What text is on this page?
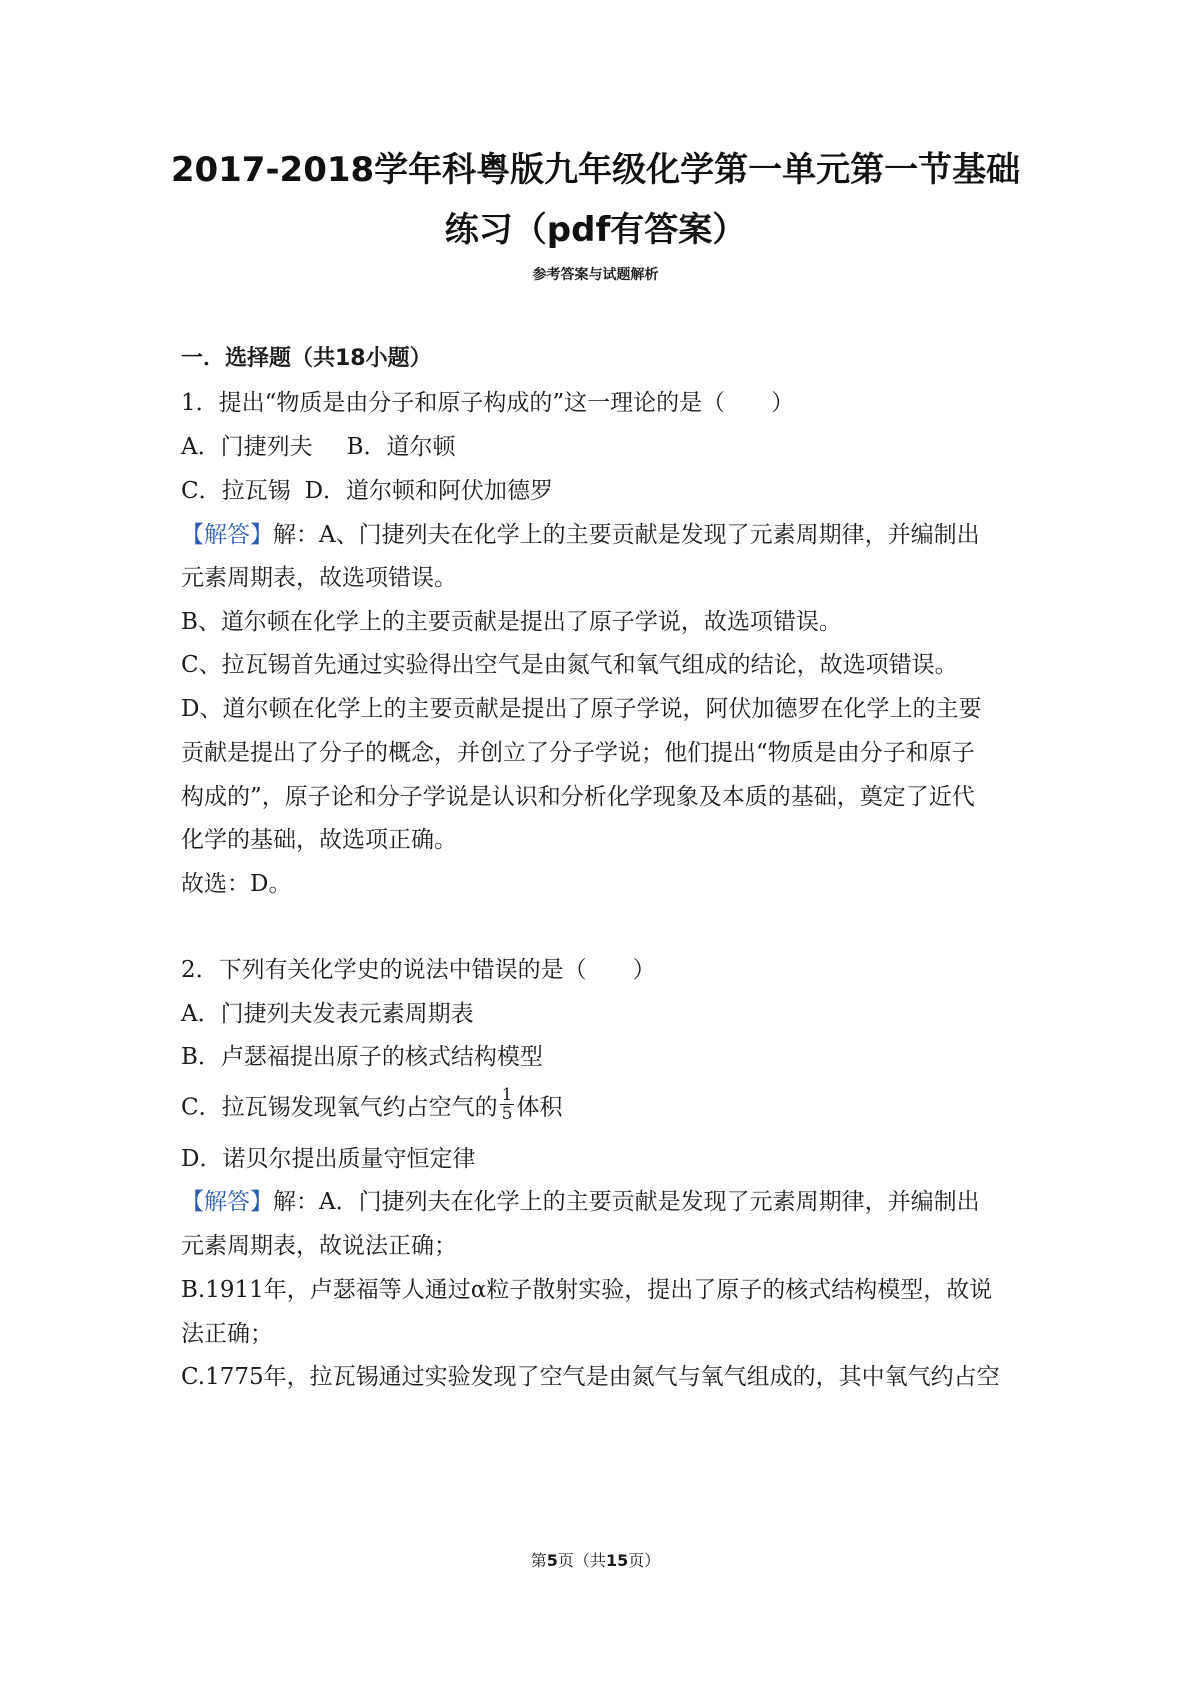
2017-2018学年科粤版九年级化学第一单元第一节基础
练习（pdf有答案）
参考答案与试题解析
一．选择题（共18小题）
1．提出“物质是由分子和原子构成的”这一理论的是（　　）
A．门捷列夫 B．道尔顿
C．拉瓦锡 D．道尔顿和阿伏加德罗
【解答】解：A、门捷列夫在化学上的主要贡献是发现了元素周期律，并编制出
元素周期表，故选项错误。
B、道尔顿在化学上的主要贡献是提出了原子学说，故选项错误。
C、拉瓦锡首先通过实验得出空气是由氮气和氧气组成的结论，故选项错误。
D、道尔顿在化学上的主要贡献是提出了原子学说，阿伏加德罗在化学上的主要
贡献是提出了分子的概念，并创立了分子学说；他们提出“物质是由分子和原子
构成的”，原子论和分子学说是认识和分析化学现象及本质的基础，奠定了近代
化学的基础，故选项正确。
故选：D。
2．下列有关化学史的说法中错误的是（　　）
A．门捷列夫发表元素周期表
B．卢瑟福提出原子的核式结构模型
C．拉瓦锡发现氧气约占空气的 $\frac{1}{5}$ 体积
D．诺贝尔提出质量守恒定律
【解答】解：A．门捷列夫在化学上的主要贡献是发现了元素周期律，并编制出
元素周期表，故说法正确；
B.1911年，卢瑟福等人通过α粒子散射实验，提出了原子的核式结构模型，故说
法正确；
C.1775年，拉瓦锡通过实验发现了空气是由氮气与氧气组成的，其中氧气约占空
第5页（共15页）
